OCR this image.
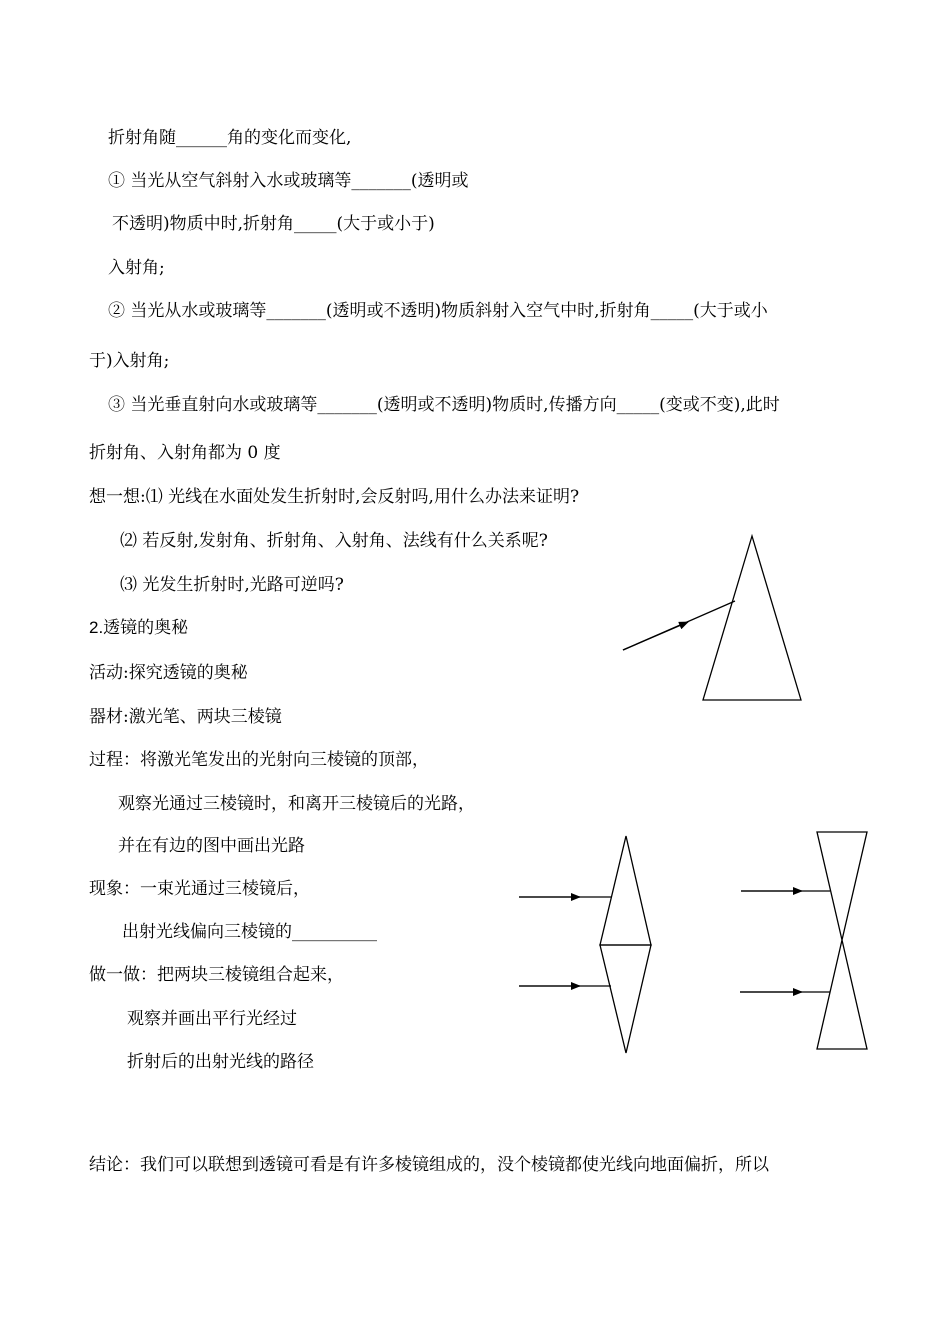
折射角随______角的变化而变化,
① 当光从空气斜射入水或玻璃等_______(透明或
不透明)物质中时,折射角_____(大于或小于)
入射角;
② 当光从水或玻璃等_______(透明或不透明)物质斜射入空气中时,折射角_____(大于或小
于)入射角;
③ 当光垂直射向水或玻璃等_______(透明或不透明)物质时,传播方向_____(变或不变),此时
折射角、入射角都为 0 度
想一想:⑴ 光线在水面处发生折射时,会反射吗,用什么办法来证明?
⑵ 若反射,发射角、折射角、入射角、法线有什么关系呢?
⑶ 光发生折射时,光路可逆吗?
2.透镜的奥秘
活动:探究透镜的奥秘
器材:激光笔、两块三棱镜
过程：将激光笔发出的光射向三棱镜的顶部，
观察光通过三棱镜时，和离开三棱镜后的光路，
并在有边的图中画出光路
现象：一束光通过三棱镜后，
出射光线偏向三棱镜的__________
做一做：把两块三棱镜组合起来，
观察并画出平行光经过
折射后的出射光线的路径
结论：我们可以联想到透镜可看是有许多棱镜组成的，没个棱镜都使光线向地面偏折，所以
